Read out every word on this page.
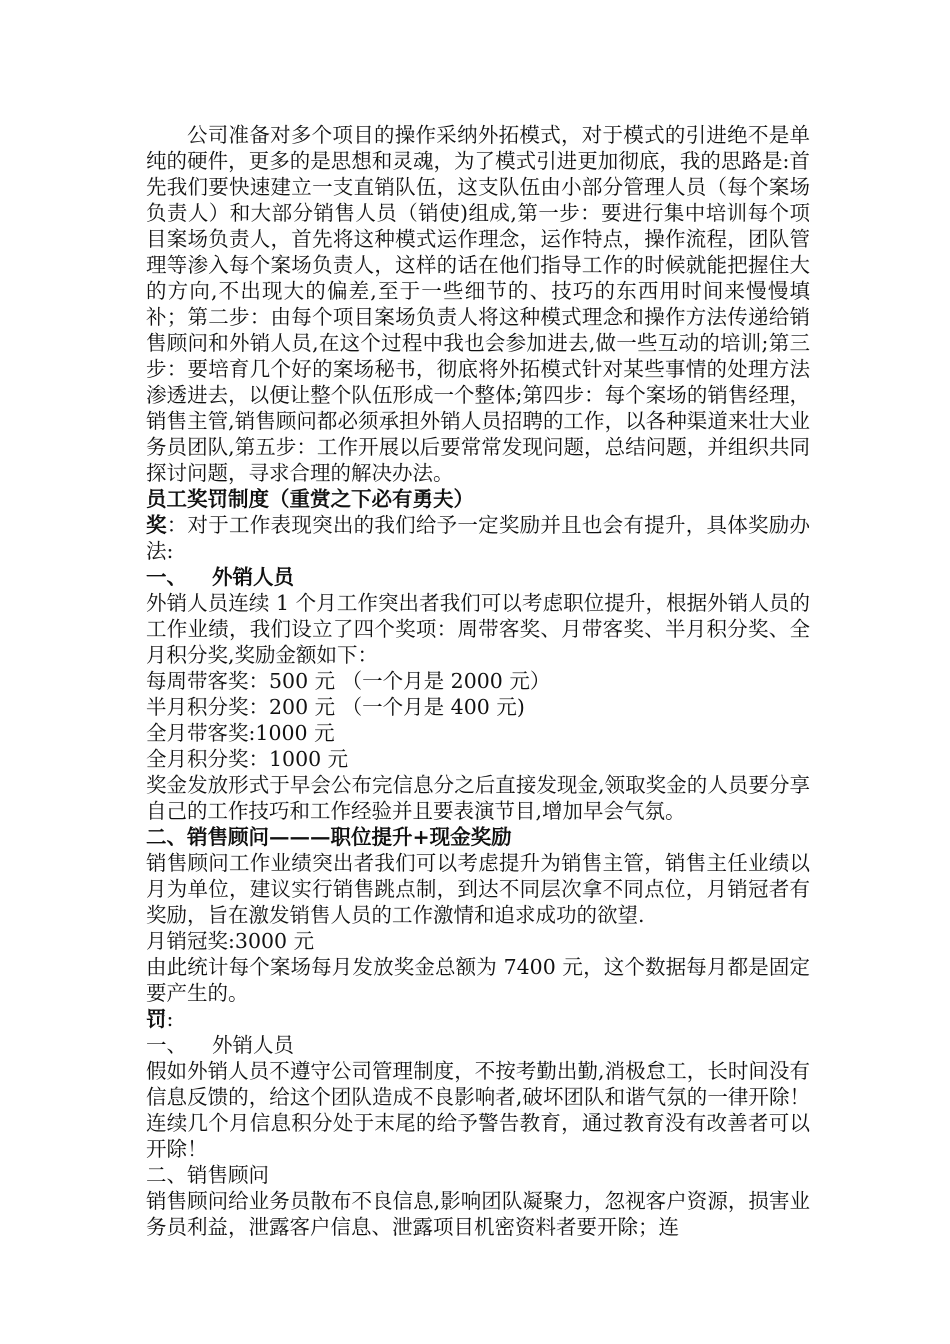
公司准备对多个项目的操作采纳外拓模式，对于模式的引进绝不是单纯的硬件，更多的是思想和灵魂，为了模式引进更加彻底，我的思路是:首先我们要快速建立一支直销队伍，这支队伍由小部分管理人员（每个案场负责人）和大部分销售人员（销使)组成,第一步：要进行集中培训每个项目案场负责人，首先将这种模式运作理念，运作特点，操作流程，团队管理等渗入每个案场负责人，这样的话在他们指导工作的时候就能把握住大的方向,不出现大的偏差,至于一些细节的、技巧的东西用时间来慢慢填补；第二步：由每个项目案场负责人将这种模式理念和操作方法传递给销售顾问和外销人员,在这个过程中我也会参加进去,做一些互动的培训;第三步：要培育几个好的案场秘书，彻底将外拓模式针对某些事情的处理方法渗透进去，以便让整个队伍形成一个整体;第四步：每个案场的销售经理，销售主管,销售顾问都必须承担外销人员招聘的工作，以各种渠道来壮大业务员团队,第五步：工作开展以后要常常发现问题，总结问题，并组织共同探讨问题，寻求合理的解决办法。

员工奖罚制度（重赏之下必有勇夫）

奖：对于工作表现突出的我们给予一定奖励并且也会有提升，具体奖励办法:

一、 外销人员

外销人员连续 1 个月工作突出者我们可以考虑职位提升，根据外销人员的工作业绩，我们设立了四个奖项：周带客奖、月带客奖、半月积分奖、全月积分奖,奖励金额如下：

每周带客奖：500 元 （一个月是 2000 元）

半月积分奖：200 元 （一个月是 400 元)

全月带客奖:1000 元

全月积分奖：1000 元

奖金发放形式于早会公布完信息分之后直接发现金,领取奖金的人员要分享自己的工作技巧和工作经验并且要表演节目,增加早会气氛。

二、销售顾问———职位提升+现金奖励

销售顾问工作业绩突出者我们可以考虑提升为销售主管，销售主任业绩以月为单位，建议实行销售跳点制，到达不同层次拿不同点位，月销冠者有奖励，旨在激发销售人员的工作激情和追求成功的欲望.

月销冠奖:3000 元

由此统计每个案场每月发放奖金总额为 7400 元，这个数据每月都是固定要产生的。

罚:

一、 外销人员

假如外销人员不遵守公司管理制度，不按考勤出勤,消极怠工，长时间没有信息反馈的，给这个团队造成不良影响者,破坏团队和谐气氛的一律开除！连续几个月信息积分处于末尾的给予警告教育，通过教育没有改善者可以开除！

二、销售顾问

销售顾问给业务员散布不良信息,影响团队凝聚力，忽视客户资源，损害业务员利益，泄露客户信息、泄露项目机密资料者要开除；连
